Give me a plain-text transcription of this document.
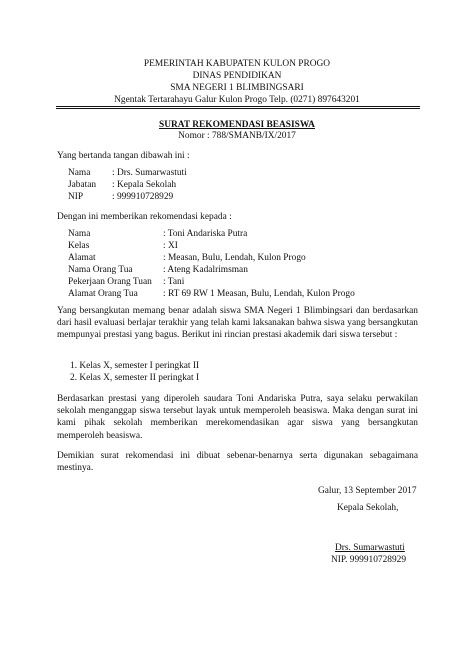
PEMERINTAH KABUPATEN KULON PROGO
DINAS PENDIDIKAN
SMA NEGERI 1 BLIMBINGSARI
Ngentak Tertarahayu Galur Kulon Progo Telp. (0271) 897643201
SURAT REKOMENDASI BEASISWA
Nomor : 788/SMANB/IX/2017
Yang bertanda tangan dibawah ini :
Nama : Drs. Sumarwastuti
Jabatan : Kepala Sekolah
NIP	: 999910728929
Dengan ini memberikan rekomendasi kepada :
Nama	: Toni Andariska Putra
Kelas	: XI
Alamat	: Measan, Bulu, Lendah, Kulon Progo
Nama Orang Tua	: Ateng Kadalrimsman
Pekerjaan Orang Tuan : Tani
Alamat Orang Tua	: RT 69 RW 1 Measan, Bulu, Lendah, Kulon Progo
Yang bersangkutan memang benar adalah siswa SMA Negeri 1 Blimbingsari dan berdasarkan dari hasil evaluasi berlajar terakhir yang telah kami laksanakan bahwa siswa yang bersangkutan mempunyai prestasi yang bagus. Berikut ini rincian prestasi akademik dari siswa tersebut :
1. Kelas X, semester I peringkat II
2. Kelas X, semester II peringkat I
Berdasarkan prestasi yang diperoleh saudara Toni Andariska Putra, saya selaku perwakilan sekolah menganggap siswa tersebut layak untuk memperoleh beasiswa. Maka dengan surat ini kami pihak sekolah memberikan merekomendasikan agar siswa yang bersangkutan memperoleh beasiswa.
Demikian surat rekomendasi ini dibuat sebenar-benarnya serta digunakan sebagaimana mestinya.
Galur, 13 September 2017
Kepala Sekolah,
Drs. Sumarwastuti
NIP. 999910728929
